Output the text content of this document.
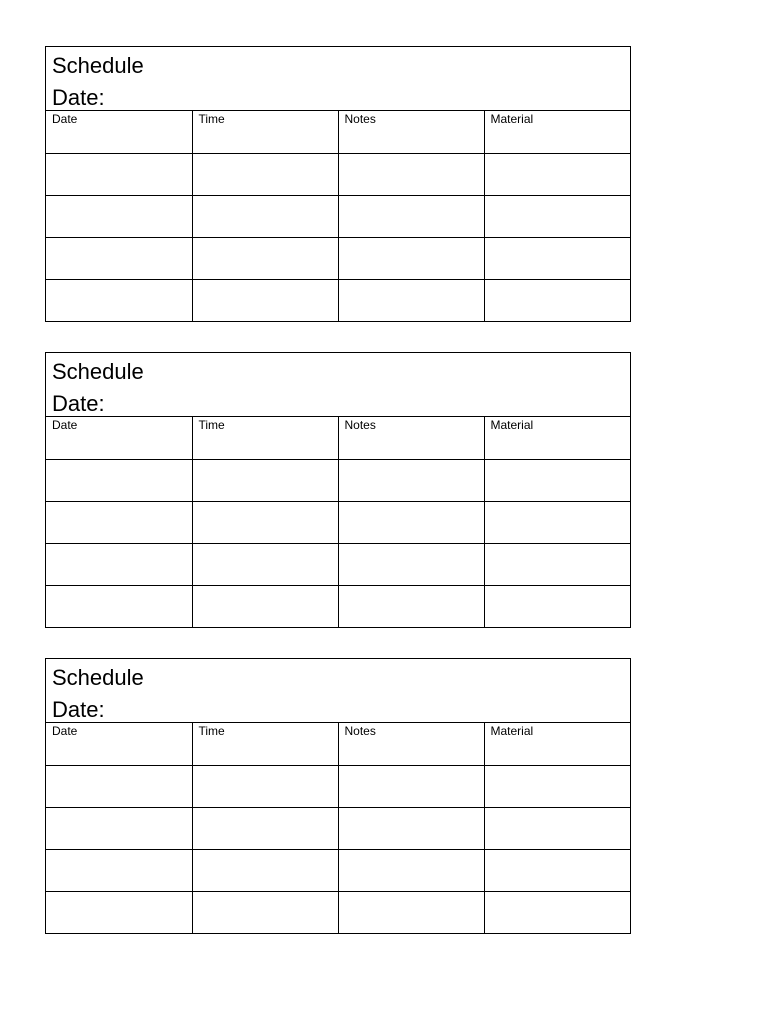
Schedule

Date:

Date	Time	Notes	Material

Schedule

Date:

Date	Time	Notes	Material

Schedule

Date:

Date	Time	Notes	Material
